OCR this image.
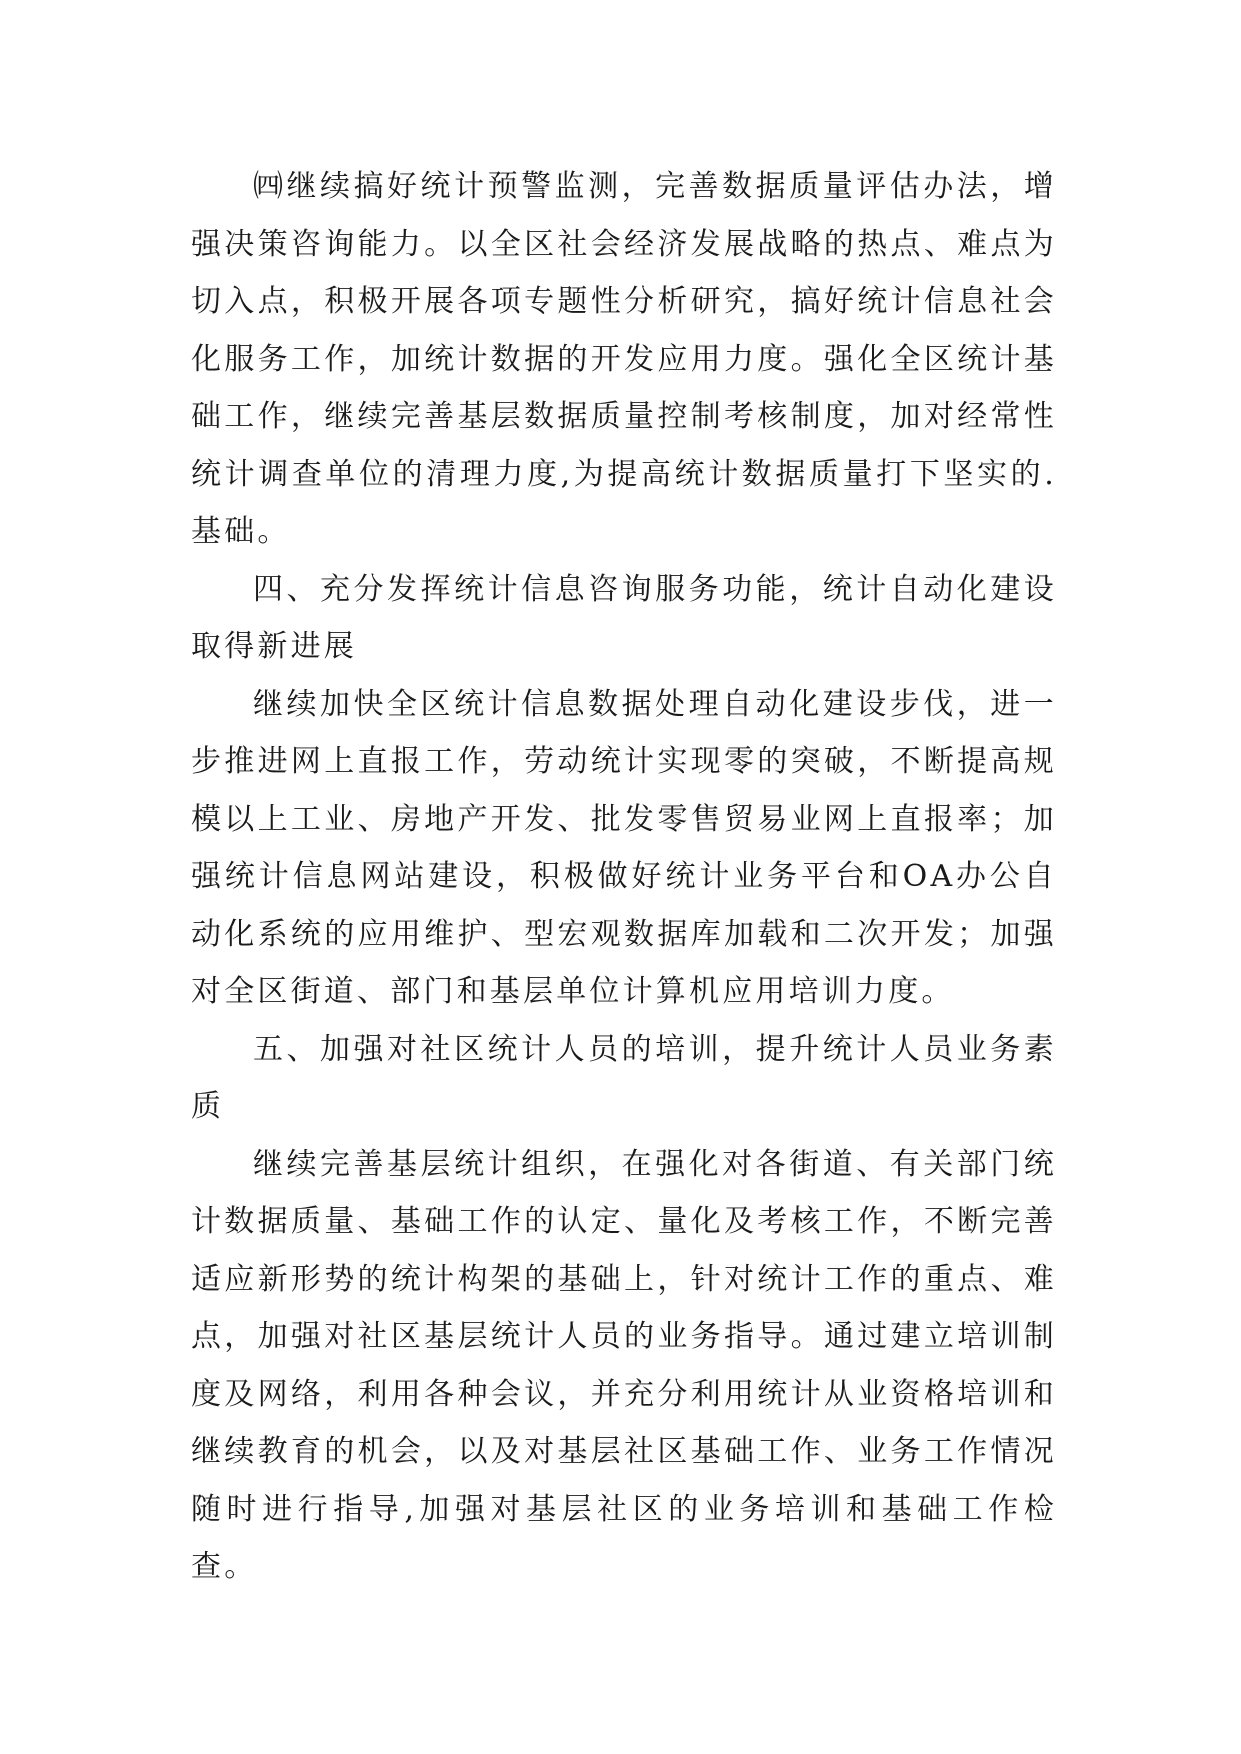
㈣继续搞好统计预警监测，完善数据质量评估办法，增强决策咨询能力。以全区社会经济发展战略的热点、难点为切入点，积极开展各项专题性分析研究，搞好统计信息社会化服务工作，加统计数据的开发应用力度。强化全区统计基础工作，继续完善基层数据质量控制考核制度，加对经常性统计调查单位的清理力度,为提高统计数据质量打下坚实的.基础。

四、充分发挥统计信息咨询服务功能，统计自动化建设取得新进展

继续加快全区统计信息数据处理自动化建设步伐，进一步推进网上直报工作，劳动统计实现零的突破，不断提高规模以上工业、房地产开发、批发零售贸易业网上直报率；加强统计信息网站建设，积极做好统计业务平台和OA办公自动化系统的应用维护、型宏观数据库加载和二次开发；加强对全区街道、部门和基层单位计算机应用培训力度。

五、加强对社区统计人员的培训，提升统计人员业务素质

继续完善基层统计组织，在强化对各街道、有关部门统计数据质量、基础工作的认定、量化及考核工作，不断完善适应新形势的统计构架的基础上，针对统计工作的重点、难点，加强对社区基层统计人员的业务指导。通过建立培训制度及网络，利用各种会议，并充分利用统计从业资格培训和继续教育的机会，以及对基层社区基础工作、业务工作情况随时进行指导,加强对基层社区的业务培训和基础工作检查。
